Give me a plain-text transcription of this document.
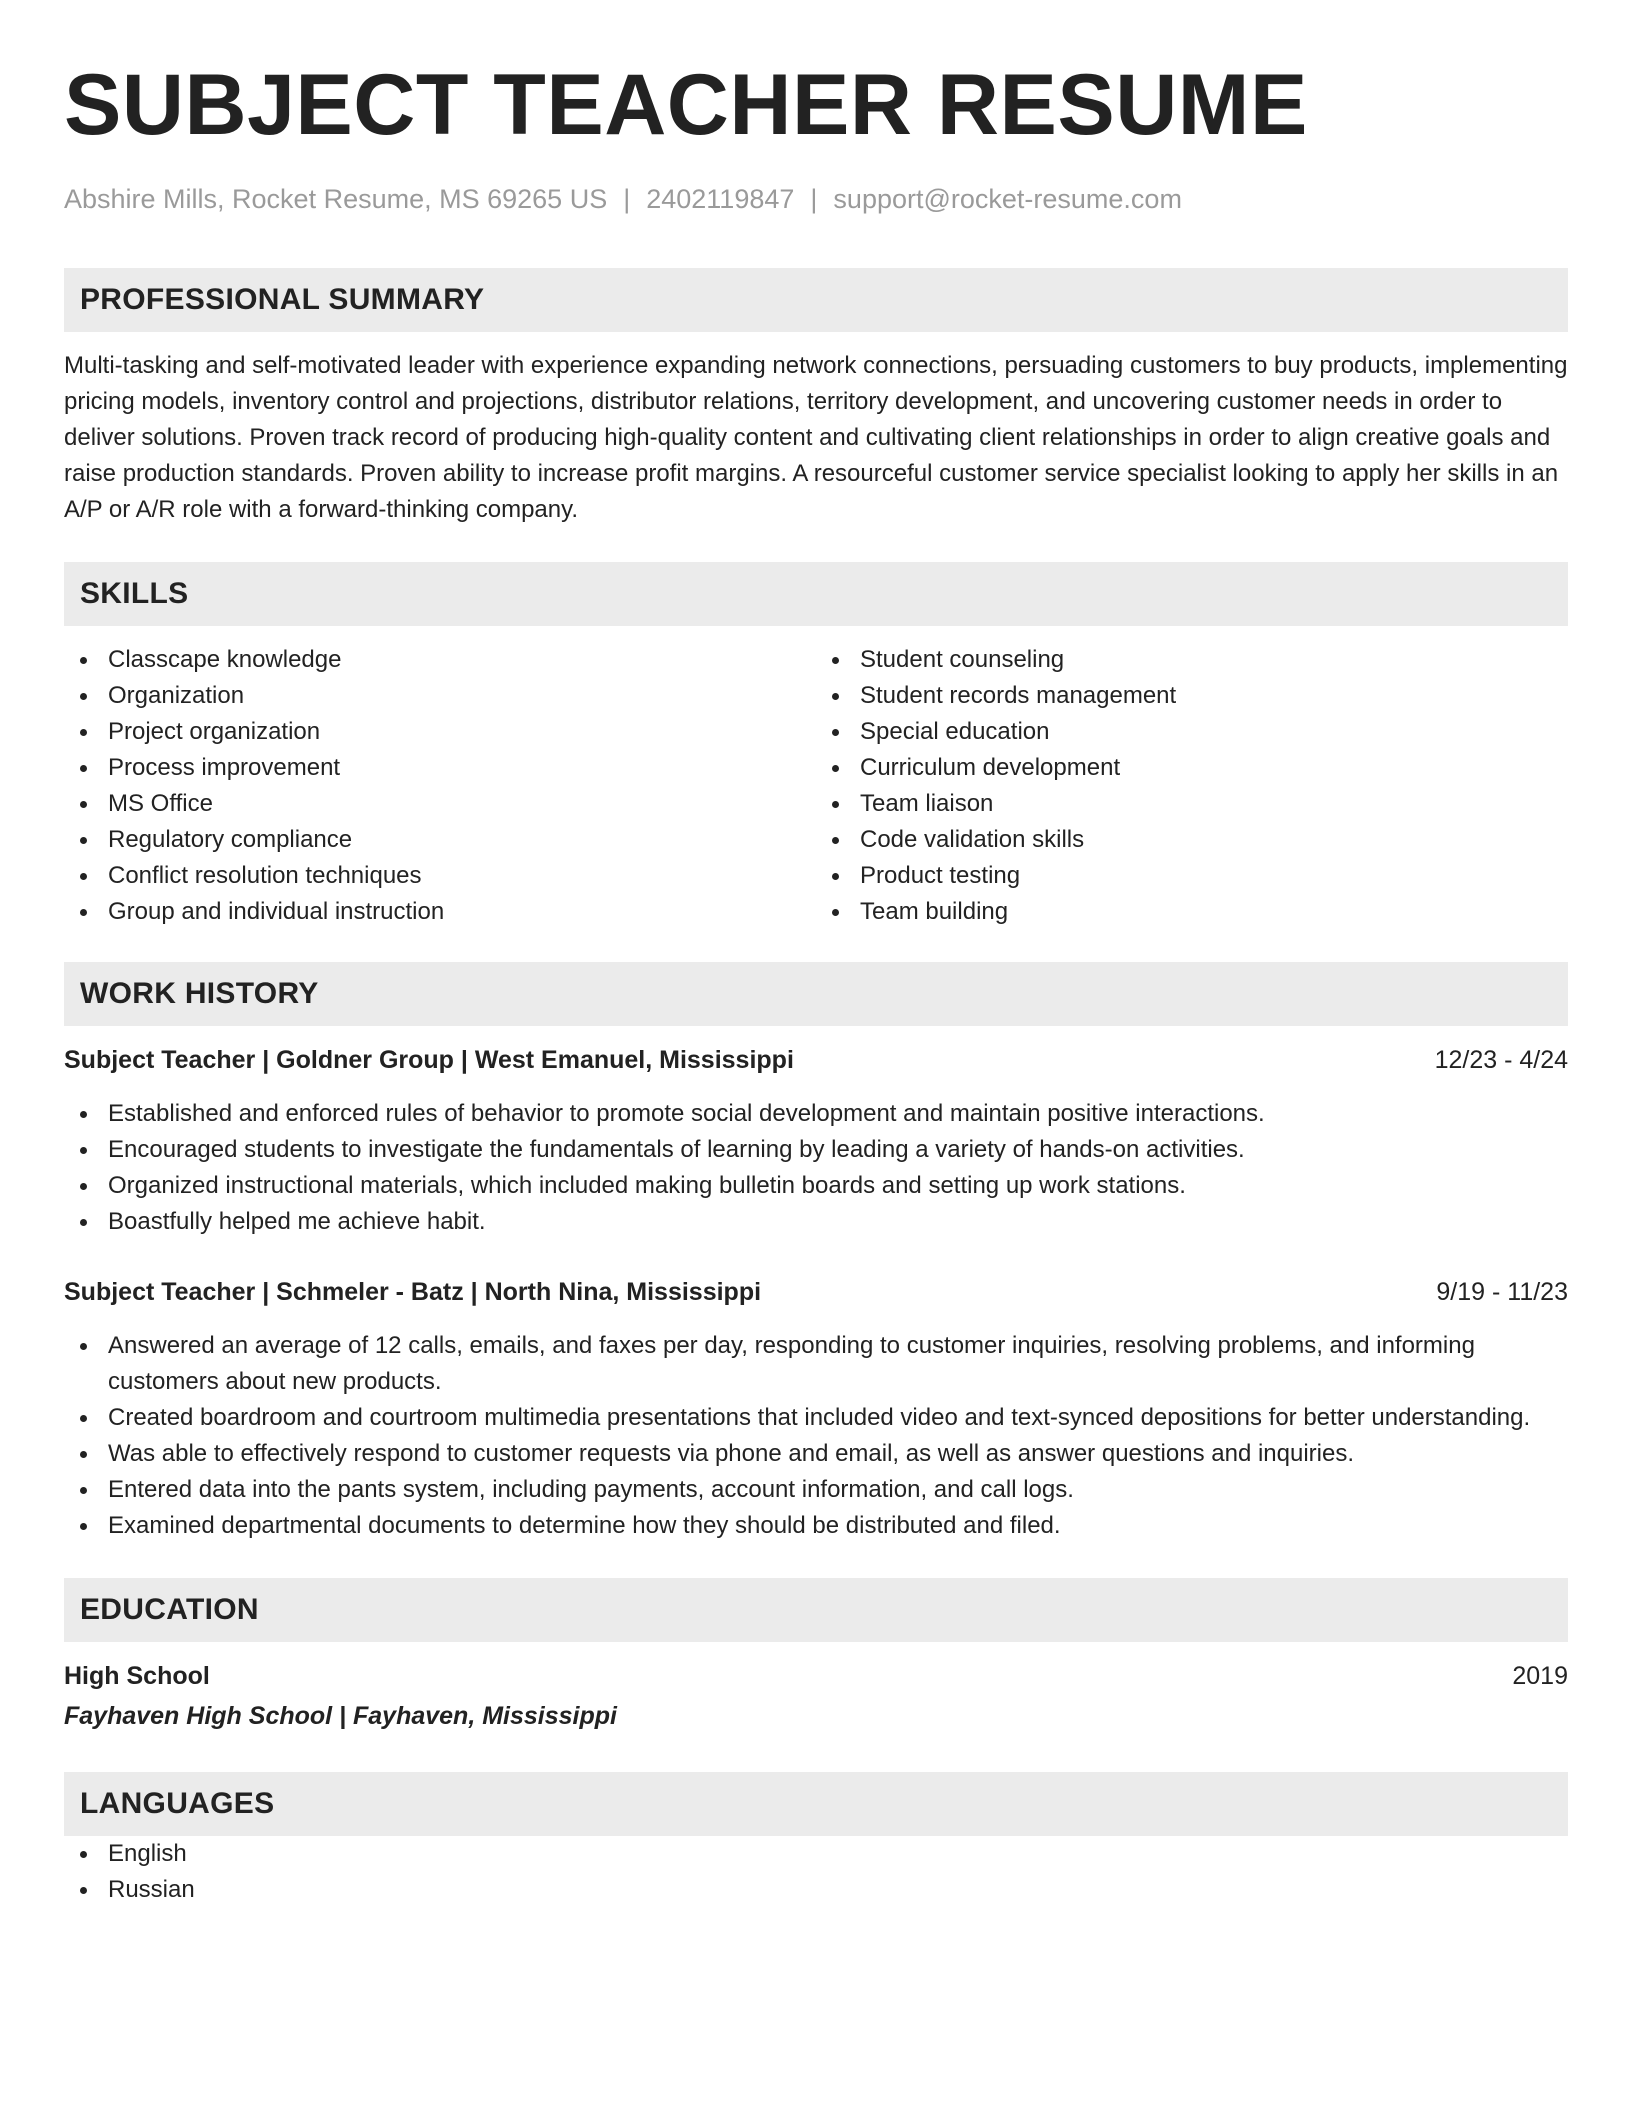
SUBJECT TEACHER RESUME
Abshire Mills, Rocket Resume, MS 69265 US | 2402119847 | support@rocket-resume.com
PROFESSIONAL SUMMARY

Multi-tasking and self-motivated leader with experience expanding network connections, persuading customers to buy products, implementing pricing models, inventory control and projections, distributor relations, territory development, and uncovering customer needs in order to deliver solutions. Proven track record of producing high-quality content and cultivating client relationships in order to align creative goals and raise production standards. Proven ability to increase profit margins. A resourceful customer service specialist looking to apply her skills in an A/P or A/R role with a forward-thinking company.

SKILLS
Classcape knowledge
Organization
Project organization
Process improvement
MS Office
Regulatory compliance
Conflict resolution techniques
Group and individual instruction
Student counseling
Student records management
Special education
Curriculum development
Team liaison
Code validation skills
Product testing
Team building
WORK HISTORY
Subject Teacher | Goldner Group | West Emanuel, Mississippi	12/23 - 4/24
Established and enforced rules of behavior to promote social development and maintain positive interactions.
Encouraged students to investigate the fundamentals of learning by leading a variety of hands-on activities.
Organized instructional materials, which included making bulletin boards and setting up work stations.
Boastfully helped me achieve habit.
Subject Teacher | Schmeler - Batz | North Nina, Mississippi	9/19 - 11/23
Answered an average of 12 calls, emails, and faxes per day, responding to customer inquiries, resolving problems, and informing customers about new products.
Created boardroom and courtroom multimedia presentations that included video and text-synced depositions for better understanding.
Was able to effectively respond to customer requests via phone and email, as well as answer questions and inquiries.
Entered data into the pants system, including payments, account information, and call logs.
Examined departmental documents to determine how they should be distributed and filed.
EDUCATION
High School	2019
Fayhaven High School | Fayhaven, Mississippi
LANGUAGES
English
Russian
